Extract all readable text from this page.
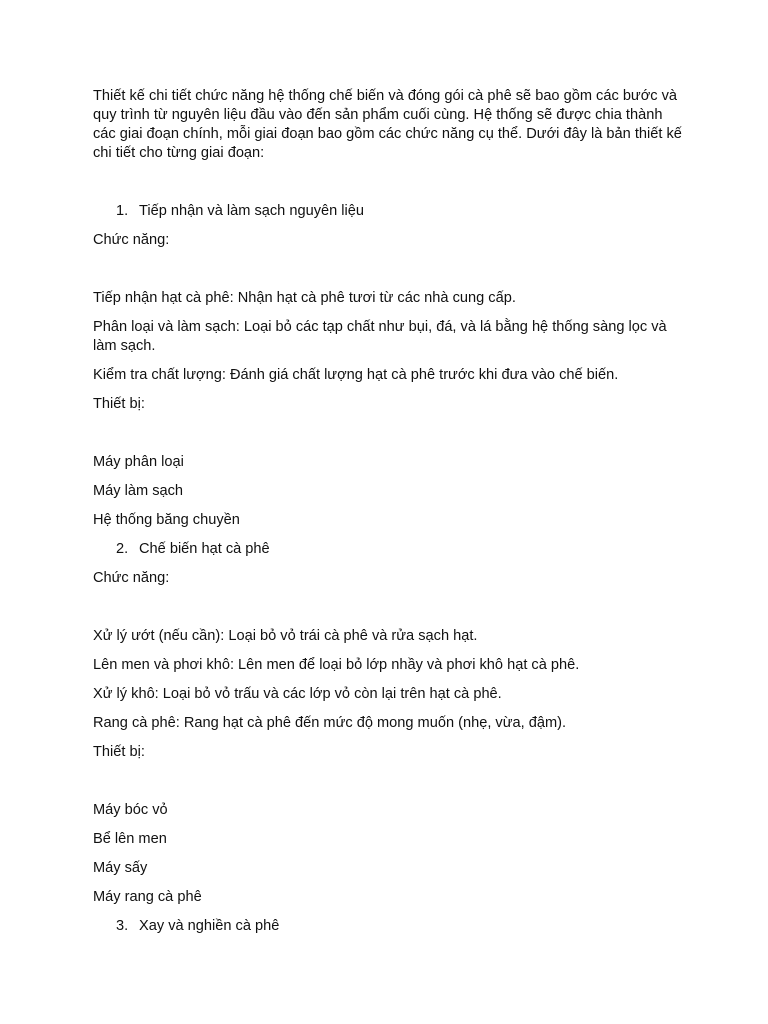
Thiết kế chi tiết chức năng hệ thống chế biến và đóng gói cà phê sẽ bao gồm các bước và quy trình từ nguyên liệu đầu vào đến sản phẩm cuối cùng. Hệ thống sẽ được chia thành các giai đoạn chính, mỗi giai đoạn bao gồm các chức năng cụ thể. Dưới đây là bản thiết kế chi tiết cho từng giai đoạn:

1. Tiếp nhận và làm sạch nguyên liệu

Chức năng:

Tiếp nhận hạt cà phê: Nhận hạt cà phê tươi từ các nhà cung cấp.

Phân loại và làm sạch: Loại bỏ các tạp chất như bụi, đá, và lá bằng hệ thống sàng lọc và làm sạch.

Kiểm tra chất lượng: Đánh giá chất lượng hạt cà phê trước khi đưa vào chế biến.

Thiết bị:

Máy phân loại

Máy làm sạch

Hệ thống băng chuyền

2. Chế biến hạt cà phê

Chức năng:

Xử lý ướt (nếu cần): Loại bỏ vỏ trái cà phê và rửa sạch hạt.

Lên men và phơi khô: Lên men để loại bỏ lớp nhầy và phơi khô hạt cà phê.

Xử lý khô: Loại bỏ vỏ trấu và các lớp vỏ còn lại trên hạt cà phê.

Rang cà phê: Rang hạt cà phê đến mức độ mong muốn (nhẹ, vừa, đậm).

Thiết bị:

Máy bóc vỏ

Bể lên men

Máy sấy

Máy rang cà phê

3. Xay và nghiền cà phê
